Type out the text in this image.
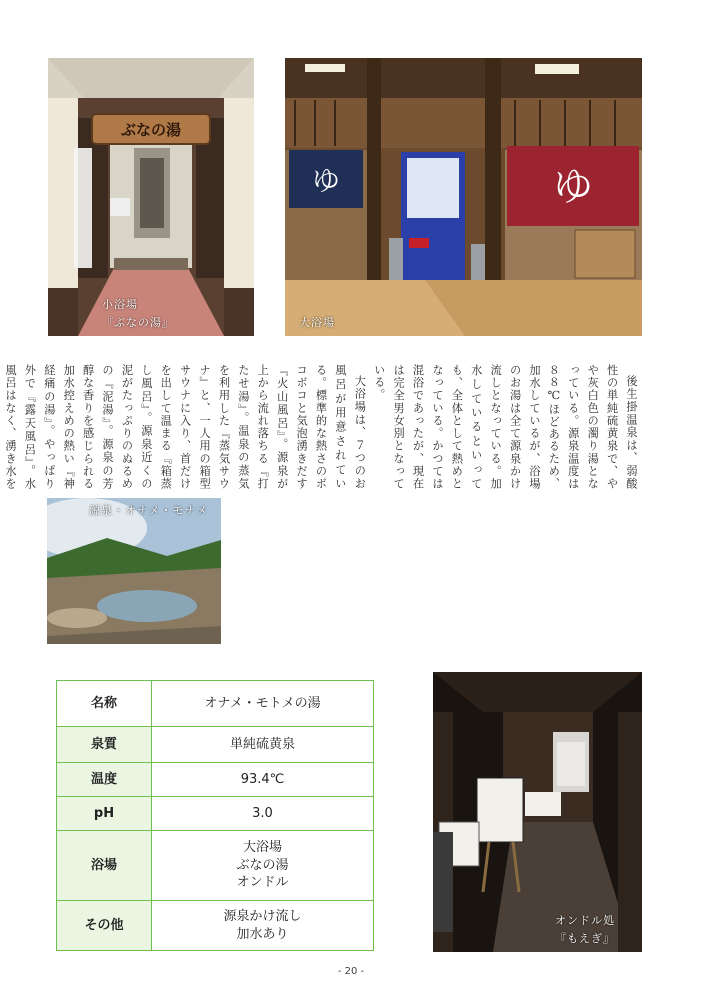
ぶなの湯
小浴場
『ぶなの湯』
ゆ	ゆ
大浴場

後生掛温泉は、弱酸性の単純硫黄泉で、やや灰白色の濁り湯となっている。源泉温度は８８℃ほどあるため、加水しているが、浴場のお湯は全て源泉かけ流しとなっている。加水しているといっても、全体として熱めとなっている。かつては混浴であったが、現在は完全男女別となっている。

大浴場は、７つのお風呂が用意されている。標準的な熱さのボコボコと気泡湧きだす『火山風呂』。源泉が上から流れ落ちる『打たせ湯』。温泉の蒸気を利用した『蒸気サウナ』と、一人用の箱型サウナに入り、首だけを出して温まる『箱蒸し風呂』。源泉近くの泥がたっぷりのぬるめの『泥湯』。源泉の芳醇な香りを感じられる加水控えめの熱い『神経痛の湯』。やっぱり外で『露天風呂』。水風呂はなく、湧き水を

源泉・オナメ・モナメ
名称	オナメ・モトメの湯
泉質	単純硫黄泉
温度	93.4℃
pH	3.0
浴場	大浴場
ぶなの湯
オンドル

その他	源泉かけ流し
加水あり
オンドル処
『もえぎ』
- 20 -
